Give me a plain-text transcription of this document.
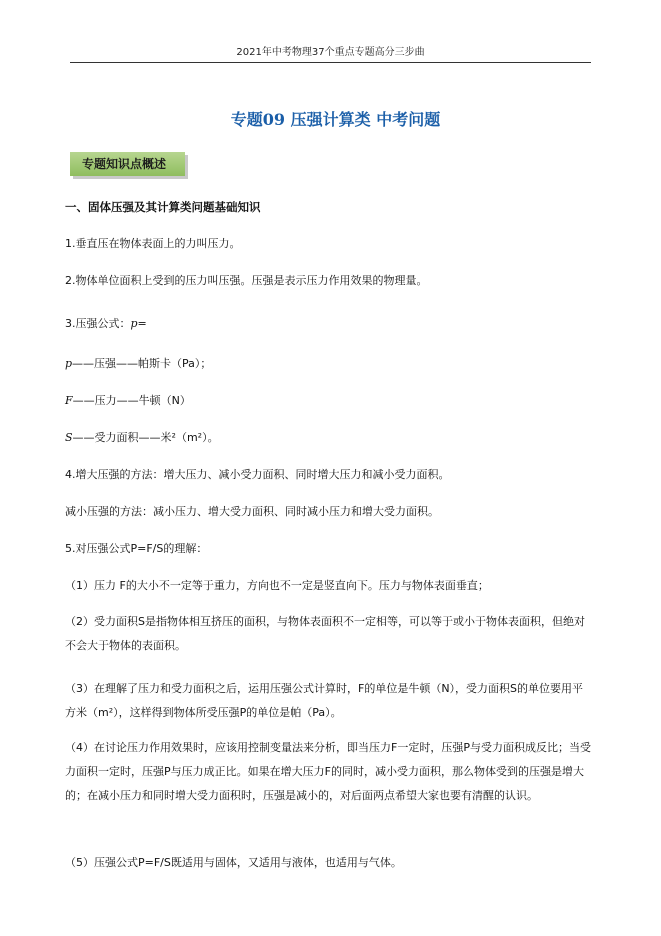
2021年中考物理37个重点专题高分三步曲
专题09 压强计算类 中考问题
专题知识点概述
一、固体压强及其计算类问题基础知识
1.垂直压在物体表面上的力叫压力。
2.物体单位面积上受到的压力叫压强。压强是表示压力作用效果的物理量。
3.压强公式：p=
p——压强——帕斯卡（Pa）；
F——压力——牛顿（N）
S——受力面积——米²（m²）。
4.增大压强的方法：增大压力、减小受力面积、同时增大压力和减小受力面积。
减小压强的方法：减小压力、增大受力面积、同时减小压力和增大受力面积。
5.对压强公式P=F/S的理解：
（1）压力 F的大小不一定等于重力，方向也不一定是竖直向下。压力与物体表面垂直；
（2）受力面积S是指物体相互挤压的面积，与物体表面积不一定相等，可以等于或小于物体表面积，但绝对不会大于物体的表面积。
（3）在理解了压力和受力面积之后，运用压强公式计算时，F的单位是牛顿（N），受力面积S的单位要用平方米（m²），这样得到物体所受压强P的单位是帕（Pa）。
（4）在讨论压力作用效果时，应该用控制变量法来分析，即当压力F一定时，压强P与受力面积成反比；当受力面积一定时，压强P与压力成正比。如果在增大压力F的同时，减小受力面积，那么物体受到的压强是增大的；在减小压力和同时增大受力面积时，压强是减小的，对后面两点希望大家也要有清醒的认识。
（5）压强公式P=F/S既适用与固体，又适用与液体，也适用与气体。
